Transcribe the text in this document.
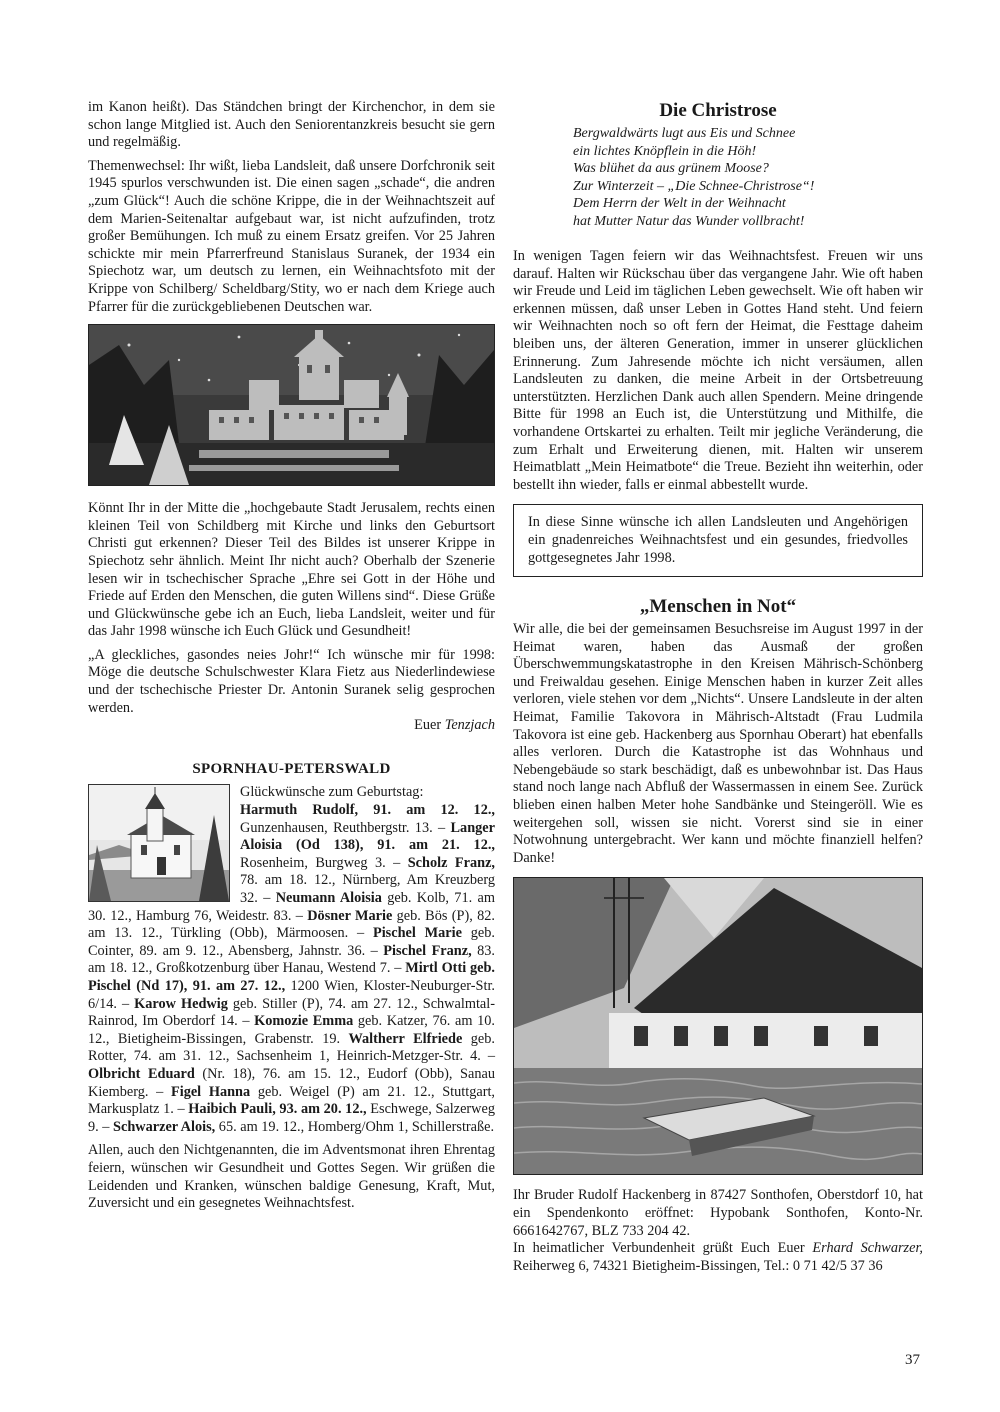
im Kanon heißt). Das Ständchen bringt der Kirchenchor, in dem sie schon lange Mitglied ist. Auch den Seniorentanzkreis besucht sie gern und regelmäßig.

Themenwechsel: Ihr wißt, lieba Landsleit, daß unsere Dorfchronik seit 1945 spurlos verschwunden ist. Die einen sagen „schade“, die andren „zum Glück“! Auch die schöne Krippe, die in der Weihnachtszeit auf dem Marien-Seitenaltar aufgebaut war, ist nicht aufzufinden, trotz großer Bemühungen. Ich muß zu einem Ersatz greifen. Vor 25 Jahren schickte mir mein Pfarrerfreund Stanislaus Suranek, der 1934 ein Spiechotz war, um deutsch zu lernen, ein Weihnachtsfoto mit der Krippe von Schilberg/ Scheldbarg/Stity, wo er nach dem Kriege auch Pfarrer für die zurückgebliebenen Deutschen war.

Könnt Ihr in der Mitte die „hochgebaute Stadt Jerusalem, rechts einen kleinen Teil von Schildberg mit Kirche und links den Geburtsort Christi gut erkennen? Dieser Teil des Bildes ist unserer Krippe in Spiechotz sehr ähnlich. Meint Ihr nicht auch? Oberhalb der Szenerie lesen wir in tschechischer Sprache „Ehre sei Gott in der Höhe und Friede auf Erden den Menschen, die guten Willens sind“. Diese Grüße und Glückwünsche gebe ich an Euch, lieba Landsleit, weiter und für das Jahr 1998 wünsche ich Euch Glück und Gesundheit!

„A gleckliches, gasondes neies Johr!“ Ich wünsche mir für 1998: Möge die deutsche Schulschwester Klara Fietz aus Niederlindewiese und der tschechische Priester Dr. Antonin Suranek selig gesprochen werden.

Euer Tenzjach
SPORNHAU-PETERSWALD
Glückwünsche zum Geburtstag:
Harmuth Rudolf, 91. am 12. 12., Gunzenhausen, Reuthbergstr. 13. – Langer Aloisia (Od 138), 91. am 21. 12., Rosenheim, Burgweg 3. – Scholz Franz, 78. am 18. 12., Nürnberg, Am Kreuzberg 32. – Neumann Aloisia geb. Kolb, 71. am 30. 12., Hamburg 76, Weidestr. 83. – Dösner Marie geb. Bös (P), 82. am 13. 12., Türkling (Obb), Märmoosen. – Pischel Marie geb. Cointer, 89. am 9. 12., Abensberg, Jahnstr. 36. – Pischel Franz, 83. am 18. 12., Großkotzenburg über Hanau, Westend 7. – Mirtl Otti geb. Pischel (Nd 17), 91. am 27. 12., 1200 Wien, Kloster-Neuburger-Str. 6/14. – Karow Hedwig geb. Stiller (P), 74. am 27. 12., Schwalmtal-Rainrod, Im Oberdorf 14. – Komozie Emma geb. Katzer, 76. am 10. 12., Bietigheim-Bissingen, Grabenstr. 19. Waltherr Elfriede geb. Rotter, 74. am 31. 12., Sachsenheim 1, Heinrich-Metzger-Str. 4. – Olbricht Eduard (Nr. 18), 76. am 15. 12., Eudorf (Obb), Sanau Kiemberg. – Figel Hanna geb. Weigel (P) am 21. 12., Stuttgart, Markusplatz 1. – Haibich Pauli, 93. am 20. 12., Eschwege, Salzerweg 9. – Schwarzer Alois, 65. am 19. 12., Homberg/Ohm 1, Schillerstraße.

Allen, auch den Nichtgenannten, die im Adventsmonat ihren Ehrentag feiern, wünschen wir Gesundheit und Gottes Segen. Wir grüßen die Leidenden und Kranken, wünschen baldige Genesung, Kraft, Mut, Zuversicht und ein gesegnetes Weihnachtsfest.

Die Christrose
Bergwaldwärts lugt aus Eis und Schnee
ein lichtes Knöpflein in die Höh!
Was blühet da aus grünem Moose?
Zur Winterzeit – „Die Schnee-Christrose“!
Dem Herrn der Welt in der Weihnacht
hat Mutter Natur das Wunder vollbracht!

In wenigen Tagen feiern wir das Weihnachtsfest. Freuen wir uns darauf. Halten wir Rückschau über das vergangene Jahr. Wie oft haben wir Freude und Leid im täglichen Leben gewechselt. Wie oft haben wir erkennen müssen, daß unser Leben in Gottes Hand steht. Und feiern wir Weihnachten noch so oft fern der Heimat, die Festtage daheim bleiben uns, der älteren Generation, immer in unserer glücklichen Erinnerung. Zum Jahresende möchte ich nicht versäumen, allen Landsleuten zu danken, die meine Arbeit in der Ortsbetreuung unterstützten. Herzlichen Dank auch allen Spendern. Meine dringende Bitte für 1998 an Euch ist, die Unterstützung und Mithilfe, die vorhandene Ortskartei zu erhalten. Teilt mir jegliche Veränderung, die zum Erhalt und Erweiterung dienen, mit. Halten wir unserem Heimatblatt „Mein Heimatbote“ die Treue. Bezieht ihn weiterhin, oder bestellt ihn wieder, falls er einmal abbestellt wurde.

In diese Sinne wünsche ich allen Landsleuten und Angehörigen ein gnadenreiches Weihnachtsfest und ein gesundes, friedvolles gottgesegnetes Jahr 1998.
„Menschen in Not“

Wir alle, die bei der gemeinsamen Besuchsreise im August 1997 in der Heimat waren, haben das Ausmaß der großen Überschwemmungskatastrophe in den Kreisen Mährisch-Schönberg und Freiwaldau gesehen. Einige Menschen haben in kurzer Zeit alles verloren, viele stehen vor dem „Nichts“. Unsere Landsleute in der alten Heimat, Familie Takovora in Mährisch-Altstadt (Frau Ludmila Takovora ist eine geb. Hackenberg aus Spornhau Oberart) hat ebenfalls alles verloren. Durch die Katastrophe ist das Wohnhaus und Nebengebäude so stark beschädigt, daß es unbewohnbar ist. Das Haus stand noch lange nach Abfluß der Wassermassen in einem See. Zurück blieben einen halben Meter hohe Sandbänke und Steingeröll. Wie es weitergehen soll, wissen sie nicht. Vorerst sind sie in einer Notwohnung untergebracht. Wer kann und möchte finanziell helfen? Danke!

Ihr Bruder Rudolf Hackenberg in 87427 Sonthofen, Oberstdorf 10, hat ein Spendenkonto eröffnet: Hypobank Sonthofen, Konto-Nr. 6661642767, BLZ 733 204 42.

In heimatlicher Verbundenheit grüßt Euch Euer Erhard Schwarzer, Reiherweg 6, 74321 Bietigheim-Bissingen, Tel.: 0 71 42/5 37 36

37
